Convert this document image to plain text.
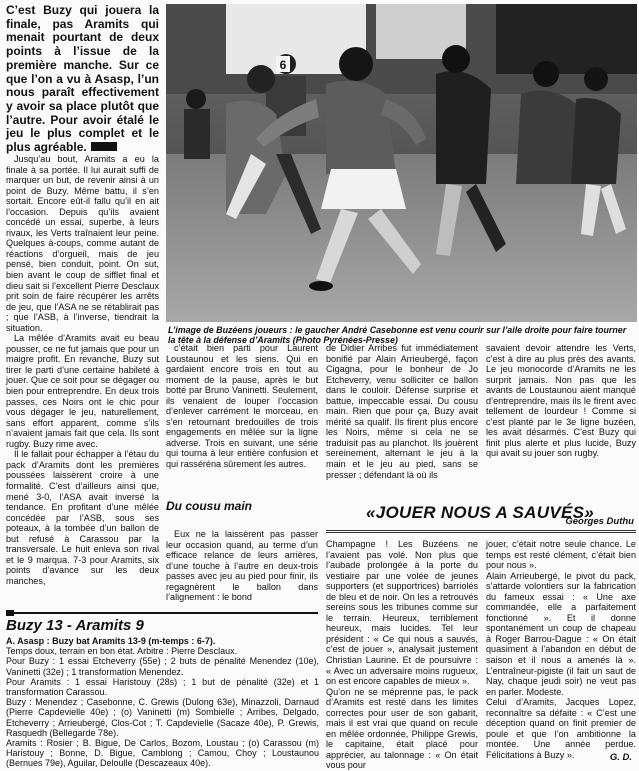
C’est Buzy qui jouera la finale, pas Aramits qui menait pourtant de deux points à l’issue de la première manche. Sur ce que l’on a vu à Asasp, l’un nous paraît effectivement y avoir sa place plutôt que l’autre. Pour avoir étalé le jeu le plus complet et le plus agréable.
6
L’image de Buzéens joueurs : le gaucher André Casebonne est venu courir sur l’aile droite pour faire tourner la tête à la défense d’Aramits (Photo Pyrénées-Presse)

Jusqu’au bout, Aramits a eu la finale à sa portée. Il lui aurait suffi de marquer un but, de revenir ainsi à un point de Buzy. Même battu, il s’en sortait. Encore eût-il fallu qu’il en ait l’occasion. Depuis qu’ils avaient concédé un essai, superbe, à leurs rivaux, les Verts traînaient leur peine. Quelques à-coups, comme autant de réactions d’orgueil, mais de jeu pensé, bien conduit, point. On sut, bien avant le coup de sifflet final et dieu sait si l’excellent Pierre Desclaux prit soin de faire récupérer les arrêts de jeu, que l’ASA ne se rétablirait pas ; que l’ASB, à l’inverse, tiendrait la situation.

La mêlée d’Aramits avait eu beau pousser, ce ne fut jamais que pour un maigre profit. En revanche, Buzy sut tirer le parti d’une certaine habileté à jouer. Que ce soit pour se dégager ou bien pour entreprendre. En deux trois passes, ces Noirs ont le chic pour vous dégager le jeu, naturellement, sans effort apparent, comme s’ils n’avaient jamais fait que cela. Ils sont rugby. Buzy rime avec.

Il le fallait pour échapper à l’étau du pack d’Aramits dont les premières poussées laissèrent croire à une formalité. C’est d’ailleurs ainsi que, mené 3-0, l’ASA avait inversé la tendance. En profitant d’une mêlée concédée par l’ASB, sous ses poteaux, à la tombée d’un ballon de but refusé à Carassou par la transversale. Le huit enleva son rival et le 9 marqua. 7-3 pour Aramits, six points d’avance sur les deux manches,

c’était bien parti pour Laurent Loustaunou et les siens. Qui en gardaient encore trois en tout au moment de la pause, après le but botté par Bruno Vaninetti. Seulement, ils venaient de louper l’occasion d’enlever carrément le morceau, en s’en retournant bredouilles de trois engagements en mêlée sur la ligne adverse. Trois en suivant, une série qui tourna à leur entière confusion et qui rasséréna sûrement les autres.

de Didier Arribes fut immédiatement bonifié par Alain Arrieubergé, façon Cigagna, pour le bonheur de Jo Etcheverry, venu solliciter ce ballon dans le couloir. Défense surprise et battue, impeccable essai. Du cousu main. Rien que pour ça, Buzy avait mérité sa qualif. Ils firent plus encore les Noirs, même si cela ne se traduisit pas au planchot. Ils jouèrent sereinement, alternant le jeu à la main et le jeu au pied, sans se presser ; défendant là où ils

savaient devoir attendre les Verts, c’est à dire au plus près des avants. Le jeu monocorde d’Aramits ne les surprit jamais. Non pas que les avants de Loustaunou aient manqué d’entreprendre, mais ils le firent avec tellement de lourdeur ! Comme si c’est planté par le 3e ligne buzéen, les avait désarmés. C’est Buzy qui finit plus alerte et plus lucide, Buzy qui avait su jouer son rugby.

Georges Duthu
Du cousu main

Eux ne la laissèrent pas passer leur occasion quand, au terme d’un efficace relance de leurs arrières, d’une touche à l’autre en deux-trois passes avec jeu au pied pour finir, ils regagnèrent le ballon dans l’alignement : le bond

«JOUER NOUS A SAUVÉS»

Champagne ! Les Buzéens ne l’avaient pas volé. Non plus que l’aubade prolongée à la porte du vestiaire par une volée de jeunes supporters (et supportrices) barriolés de bleu et de noir. On les a retrouvés sereins sous les tribunes comme sur le terrain. Heureux, terriblement heureux, mais lucides. Tel leur président : « Ce qui nous a sauvés, c’est de jouer », analysait justement Christian Laurine. Et de poursuivre : « Avec un adversaire moins rugueux, on est encore capables de mieux ».
Qu’on ne se méprenne pas, le pack d’Aramits est resté dans les limites correctes pour user de son gabarit, mais il est vrai que quand on recule en mêlée ordonnée, Philippe Grewis, le capitaine, était placé pour apprécier, au talonnage : « On était vous pour

jouer, c’était notre seule chance. Le temps est resté clément, c’était bien pour nous ».
Alain Arrieubergé, le pivot du pack, s’attarde volontiers sur la fabrication du fameux essai : « Une axe commandée, elle a parfaitement fonctionné ». Et il donne spontanément un coup de chapeau à Roger Barrou-Dague : « On était quasiment à l’abandon en début de saison et il nous a amenés là ». L’entraîneur-pigiste (il fait un saut de Nay, chaque jeudi soir) ne veut pas en parler. Modeste.
Celui d’Aramits, Jacques Lopez, reconnaître sa défaite : « C’est une déception quand on finit premier de poule et que l’on ambitionne la montée. Une année perdue. Félicitations à Buzy ».	G. D.
Buzy 13 - Aramits 9

A. Asasp : Buzy bat Aramits 13-9 (m-temps : 6-7).

Temps doux, terrain en bon état. Arbitre : Pierre Desclaux.

Pour Buzy : 1 essai Etcheverry (55e) ; 2 buts de pénalité Menendez (10e), Vaninetti (32e) ; 1 transformation Menendez.

Pour Aramits : 1 essai Haristouy (28s) ; 1 but de pénalité (32e) et 1 transformation Carassou.

Buzy : Menendez ; Casebonne, C. Grewis (Dulong 63e), Minazzoli, Darnaud (Pierre Capdevielle 40e) ; (o) Vaninetti (m) Sombielle ; Arribes, Delgado, Etcheverry ; Arrieubergé, Clos-Cot ; T. Capdevielle (Sacaze 40e), P. Grewis, Rasquedh (Bellegarde 78e).

Aramits : Rosier ; B. Bigue, De Carlos, Bozom, Loustau ; (o) Carassou (m) Haristouy ; Bonne, D. Bigue, Camblong ; Camou, Choy ; Loustaunou (Bernues 79e), Aguilar, Deloulle (Descazeaux 40e).
